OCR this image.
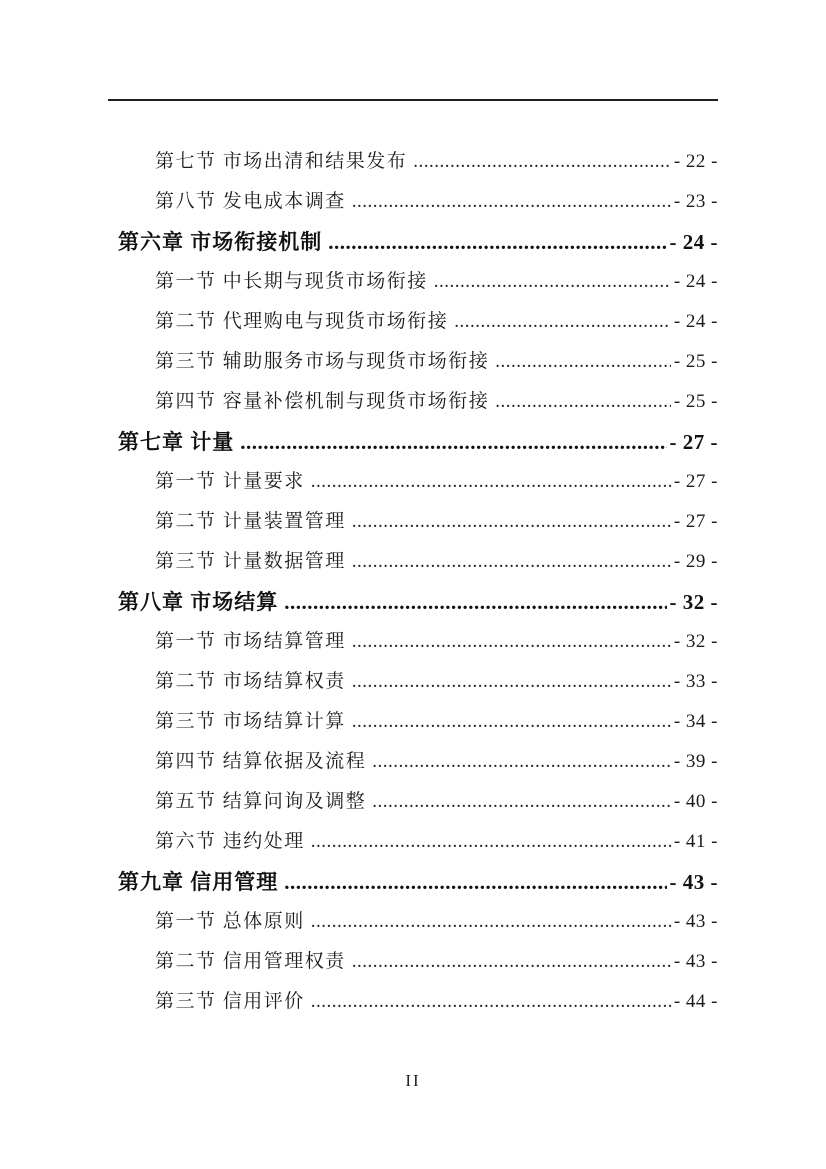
第七节 市场出清和结果发布 .....	- 22 -
第八节 发电成本调查 .....	- 23 -
第六章 市场衔接机制 .....	- 24 -
第一节 中长期与现货市场衔接 .....	- 24 -
第二节 代理购电与现货市场衔接 .....	- 24 -
第三节 辅助服务市场与现货市场衔接 .....	- 25 -
第四节 容量补偿机制与现货市场衔接 .....	- 25 -
第七章 计量 .....	- 27 -
第一节 计量要求 .....	- 27 -
第二节 计量装置管理 .....	- 27 -
第三节 计量数据管理 .....	- 29 -
第八章 市场结算 .....	- 32 -
第一节 市场结算管理 .....	- 32 -
第二节 市场结算权责 .....	- 33 -
第三节 市场结算计算 .....	- 34 -
第四节 结算依据及流程 .....	- 39 -
第五节 结算问询及调整 .....	- 40 -
第六节 违约处理 .....	- 41 -
第九章 信用管理 .....	- 43 -
第一节 总体原则 .....	- 43 -
第二节 信用管理权责 .....	- 43 -
第三节 信用评价 .....	- 44 -
II
